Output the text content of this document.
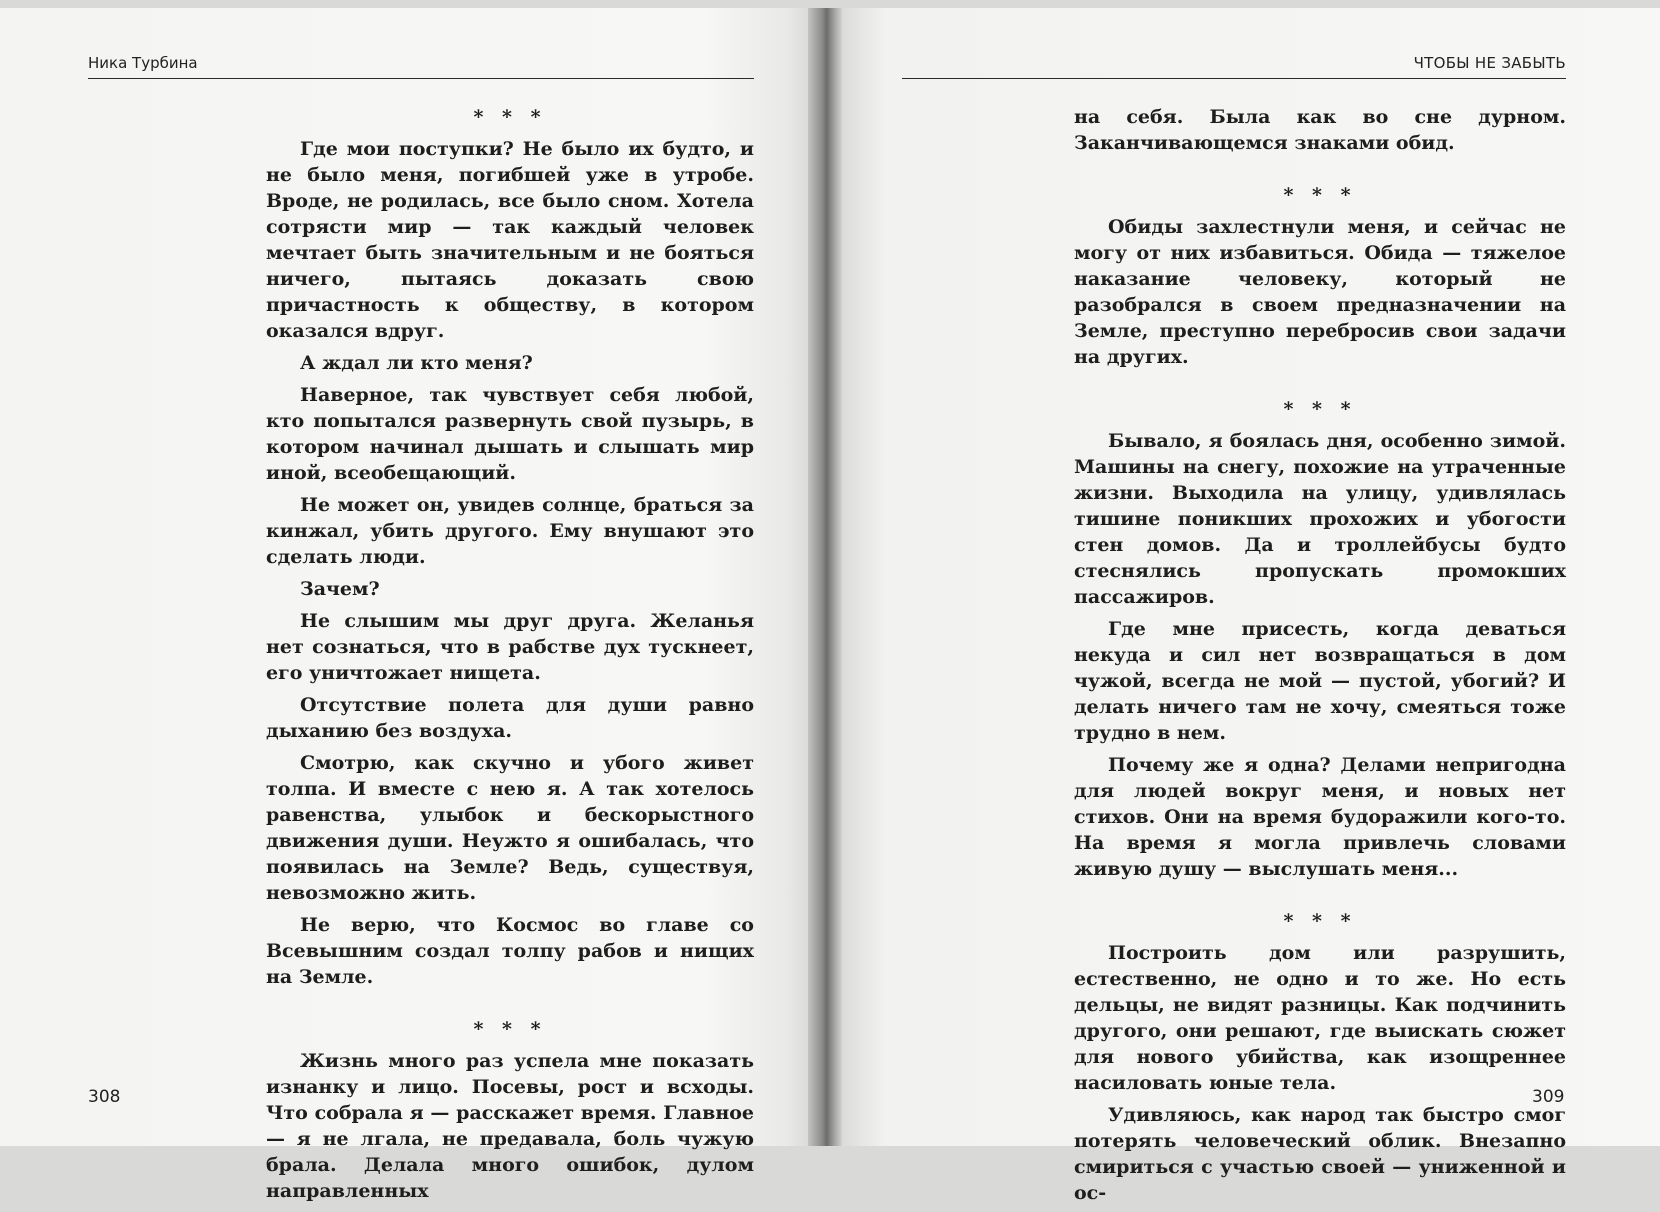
Ника Турбина
* * *

Где мои поступки? Не было их будто, и не было меня, погибшей уже в утробе. Вроде, не родилась, все было сном. Хотела сотрясти мир — так каждый человек мечтает быть значительным и не бояться ничего, пытаясь доказать свою причастность к обществу, в котором оказался вдруг.

А ждал ли кто меня?

Наверное, так чувствует себя любой, кто попытался развернуть свой пузырь, в котором начинал дышать и слышать мир иной, всеобещающий.

Не может он, увидев солнце, браться за кинжал, убить другого. Ему внушают это сделать люди.

Зачем?

Не слышим мы друг друга. Желанья нет сознаться, что в рабстве дух тускнеет, его уничтожает нищета.

Отсутствие полета для души равно дыханию без воздуха.

Смотрю, как скучно и убого живет толпа. И вместе с нею я. А так хотелось равенства, улыбок и бескорыстного движения души. Неужто я ошибалась, что появилась на Земле? Ведь, существуя, невозможно жить.

Не верю, что Космос во главе со Всевышним создал толпу рабов и нищих на Земле.

* * *

Жизнь много раз успела мне показать изнанку и лицо. Посевы, рост и всходы. Что собрала я — расскажет время. Главное — я не лгала, не предавала, боль чужую брала. Делала много ошибок, дулом направленных

308
ЧТОБЫ НЕ ЗАБЫТЬ

на себя. Была как во сне дурном. Заканчивающемся знаками обид.

* * *

Обиды захлестнули меня, и сейчас не могу от них избавиться. Обида — тяжелое наказание человеку, который не разобрался в своем предназначении на Земле, преступно перебросив свои задачи на других.

* * *

Бывало, я боялась дня, особенно зимой. Машины на снегу, похожие на утраченные жизни. Выходила на улицу, удивлялась тишине поникших прохожих и убогости стен домов. Да и троллейбусы будто стеснялись пропускать промокших пассажиров.

Где мне присесть, когда деваться некуда и сил нет возвращаться в дом чужой, всегда не мой — пустой, убогий? И делать ничего там не хочу, смеяться тоже трудно в нем.

Почему же я одна? Делами непригодна для людей вокруг меня, и новых нет стихов. Они на время будоражили кого-то. На время я могла привлечь словами живую душу — выслушать меня...

* * *

Построить дом или разрушить, естественно, не одно и то же. Но есть дельцы, не видят разницы. Как подчинить другого, они решают, где выискать сюжет для нового убийства, как изощреннее насиловать юные тела.

Удивляюсь, как народ так быстро смог потерять человеческий облик. Внезапно смириться с участью своей — униженной и ос-

309
